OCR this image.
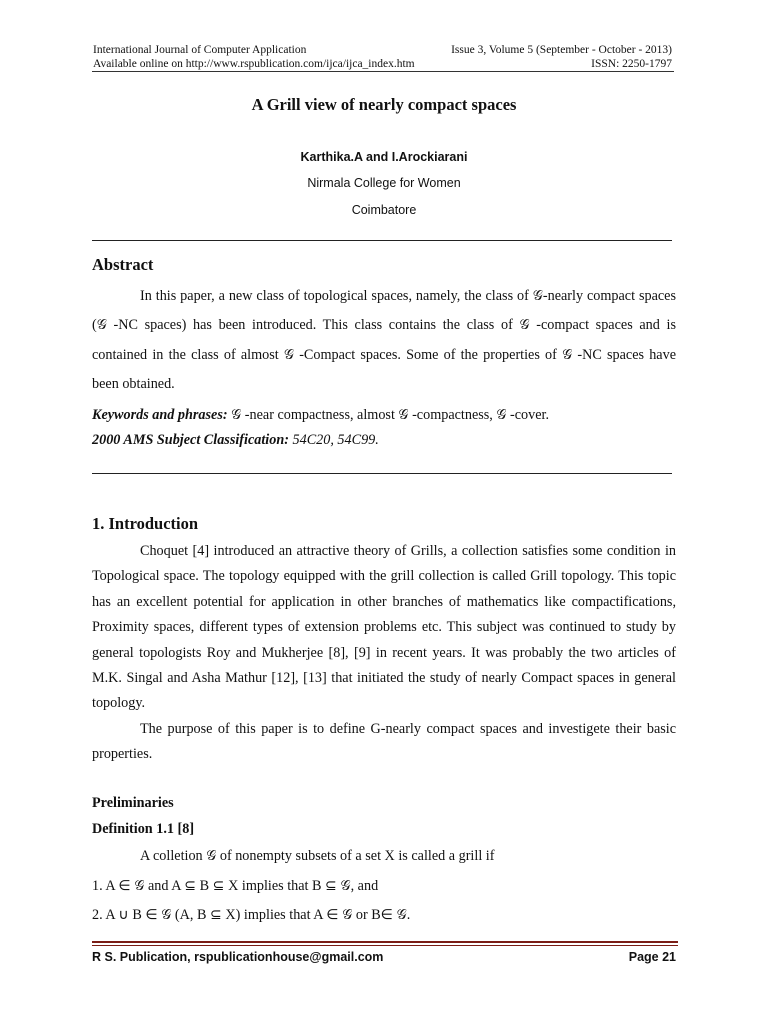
International Journal of Computer Application	Issue 3, Volume 5 (September - October - 2013)
Available online on http://www.rspublication.com/ijca/ijca_index.htm	ISSN: 2250-1797
A Grill view of nearly compact spaces
Karthika.A and I.Arockiarani
Nirmala College for Women
Coimbatore
Abstract
In this paper, a new class of topological spaces, namely, the class of 𝒢-nearly compact spaces (𝒢 -NC spaces) has been introduced. This class contains the class of 𝒢 -compact spaces and is contained in the class of almost 𝒢 -Compact spaces. Some of the properties of 𝒢 -NC spaces have been obtained.
Keywords and phrases: 𝒢 -near compactness, almost 𝒢 -compactness, 𝒢 -cover.
2000 AMS Subject Classification: 54C20, 54C99.
1. Introduction
Choquet [4] introduced an attractive theory of Grills, a collection satisfies some condition in Topological space. The topology equipped with the grill collection is called Grill topology. This topic has an excellent potential for application in other branches of mathematics like compactifications, Proximity spaces, different types of extension problems etc. This subject was continued to study by general topologists Roy and Mukherjee [8], [9] in recent years. It was probably the two articles of M.K. Singal and Asha Mathur [12], [13] that initiated the study of nearly Compact spaces in general topology.
The purpose of this paper is to define G-nearly compact spaces and investigete their basic properties.
Preliminaries
Definition 1.1 [8]
A colletion 𝒢 of nonempty subsets of a set X is called a grill if
1. A ∈ 𝒢 and A ⊆ B ⊆ X implies that B ⊆ 𝒢, and
2. A ∪ B ∈ 𝒢 (A, B ⊆ X) implies that A ∈ 𝒢 or B∈ 𝒢.
R S. Publication, rspublicationhouse@gmail.com	Page 21
